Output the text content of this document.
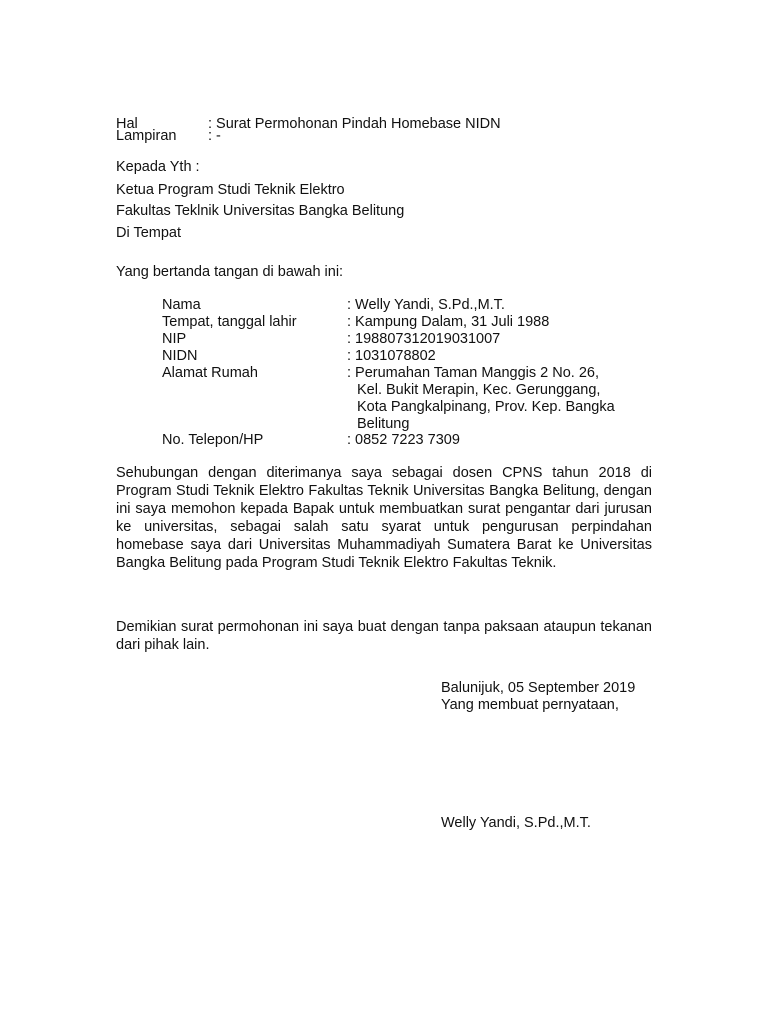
Hal	: Surat Permohonan Pindah Homebase NIDN
Lampiran : -
Kepada Yth :
Ketua Program Studi Teknik Elektro
Fakultas Teklnik Universitas Bangka Belitung
Di Tempat
Yang bertanda tangan di bawah ini:
Nama	: Welly Yandi, S.Pd.,M.T.
Tempat, tanggal lahir	: Kampung Dalam, 31 Juli 1988
NIP	: 198807312019031007
NIDN	: 1031078802
Alamat Rumah	: Perumahan Taman Manggis 2 No. 26,
Kel. Bukit Merapin, Kec. Gerunggang,
Kota Pangkalpinang, Prov. Kep. Bangka
Belitung
No. Telepon/HP	: 0852 7223 7309

Sehubungan dengan diterimanya saya sebagai dosen CPNS tahun 2018 di Program Studi Teknik Elektro Fakultas Teknik Universitas Bangka Belitung, dengan ini saya memohon kepada Bapak untuk membuatkan surat pengantar dari jurusan ke universitas, sebagai salah satu syarat untuk pengurusan perpindahan homebase saya dari Universitas Muhammadiyah Sumatera Barat ke Universitas Bangka Belitung pada Program Studi Teknik Elektro Fakultas Teknik.

Demikian surat permohonan ini saya buat dengan tanpa paksaan ataupun tekanan dari pihak lain.

Balunijuk, 05 September 2019
Yang membuat pernyataan,
Welly Yandi, S.Pd.,M.T.
